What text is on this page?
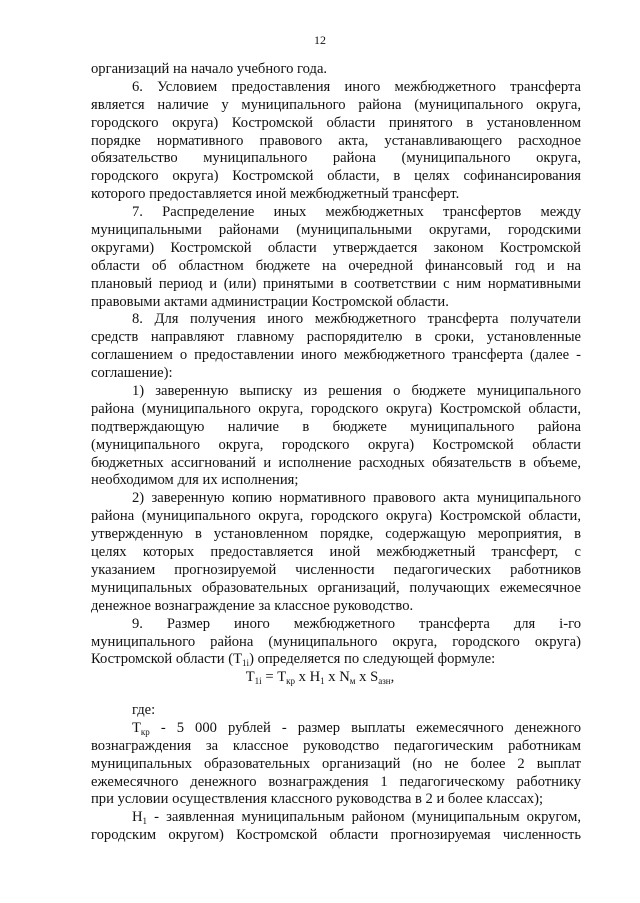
12
организаций на начало учебного года.
6. Условием предоставления иного межбюджетного трансферта
является наличие у муниципального района (муниципального округа,
городского округа) Костромской области принятого в установленном
порядке нормативного правового акта, устанавливающего расходное
обязательство муниципального района (муниципального округа,
городского округа) Костромской области, в целях софинансирования
которого предоставляется иной межбюджетный трансферт.
7. Распределение иных межбюджетных трансфертов между
муниципальными районами (муниципальными округами, городскими
округами) Костромской области утверждается законом Костромской
области об областном бюджете на очередной финансовый год и на
плановый период и (или) принятыми в соответствии с ним нормативными
правовыми актами администрации Костромской области.
8. Для получения иного межбюджетного трансферта получатели
средств направляют главному распорядителю в сроки, установленные
соглашением о предоставлении иного межбюджетного трансферта (далее -
соглашение):
1) заверенную выписку из решения о бюджете муниципального
района (муниципального округа, городского округа) Костромской области,
подтверждающую наличие в бюджете муниципального района
(муниципального округа, городского округа) Костромской области
бюджетных ассигнований и исполнение расходных обязательств в объеме,
необходимом для их исполнения;
2) заверенную копию нормативного правового акта муниципального
района (муниципального округа, городского округа) Костромской области,
утвержденную в установленном порядке, содержащую мероприятия, в
целях которых предоставляется иной межбюджетный трансферт, с
указанием прогнозируемой численности педагогических работников
муниципальных образовательных организаций, получающих ежемесячное
денежное вознаграждение за классное руководство.
9. Размер иного межбюджетного трансферта для i-го
муниципального района (муниципального округа, городского округа)
Костромской области $(Т_{1i})$ определяется по следующей формуле:
$Т_{1i} = Т_{кр}$ х $Н_1$ х $N_м$ х $S_{азн}$,
где:
$Т_{кр} - 5$ 000 рублей - размер выплаты ежемесячного денежного
вознаграждения за классное руководство педагогическим работникам
муниципальных образовательных организаций (но не более 2 выплат
ежемесячного денежного вознаграждения 1 педагогическому работнику
при условии осуществления классного руководства в 2 и более классах);
$Н_1$ - заявленная муниципальным районом (муниципальным округом,
городским округом) Костромской области прогнозируемая численность
